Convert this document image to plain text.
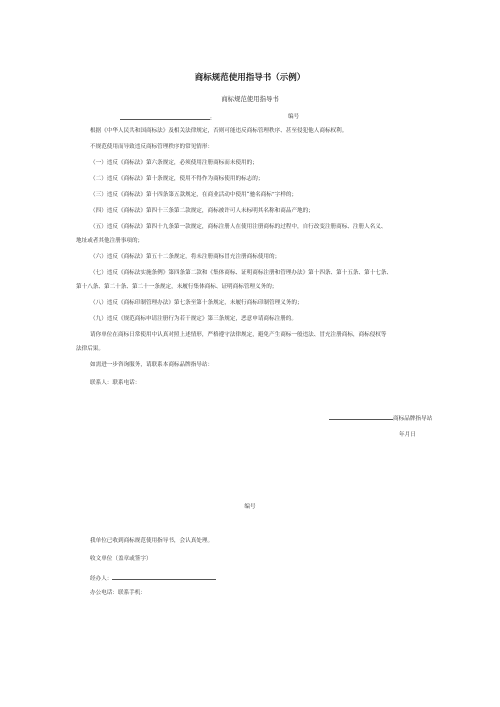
商标规范使用指导书（示例）
商标规范使用指导书
:	编号
根据《中华人民共和国商标法》及相关法律规定，否则可能违反商标管理秩序、甚至侵犯他人商标权利。
不规范使用而导致违反商标管理秩序的常见情形：
（一）违反《商标法》第六条规定，必须使用注册商标而未使用的；
（二）违反《商标法》第十条规定，使用不得作为商标使用的标志的；
（三）违反《商标法》第十四条第五款规定，在商业活动中使用“驰名商标”字样的；
（四）违反《商标法》第四十三条第二款规定，商标被许可人未标明其名称和商品产地的；
（五）违反《商标法》第四十九条第一款规定，商标注册人在使用注册商标的过程中，自行改变注册商标、注册人名义、
地址或者其他注册事项的；
（六）违反《商标法》第五十二条规定，将未注册商标冒充注册商标使用的；
（七）违反《商标法实施条例》第四条第二款和《集体商标、证明商标注册和管理办法》第十四条、第十五条、第十七条、
第十八条、第二十条、第二十一条规定，未履行集体商标、证明商标管理义务的；
（八）违反《商标印制管理办法》第七条至第十条规定，未履行商标印制管理义务的；
（九）违反《规范商标申请注册行为若干规定》第三条规定，恶意申请商标注册的。
请你单位在商标日常使用中认真对照上述情形，严格遵守法律规定，避免产生商标一般违法、冒充注册商标，商标侵权等
法律后果。
如需进一步咨询服务，请联系本商标品牌指导站：
联系人：联系电话：
商标品牌指导站
年月日
编号
我单位已收到商标规范使用指导书，会认真处理。
收文单位（盖章或签字）
经办人：
办公电话：联系手机：
